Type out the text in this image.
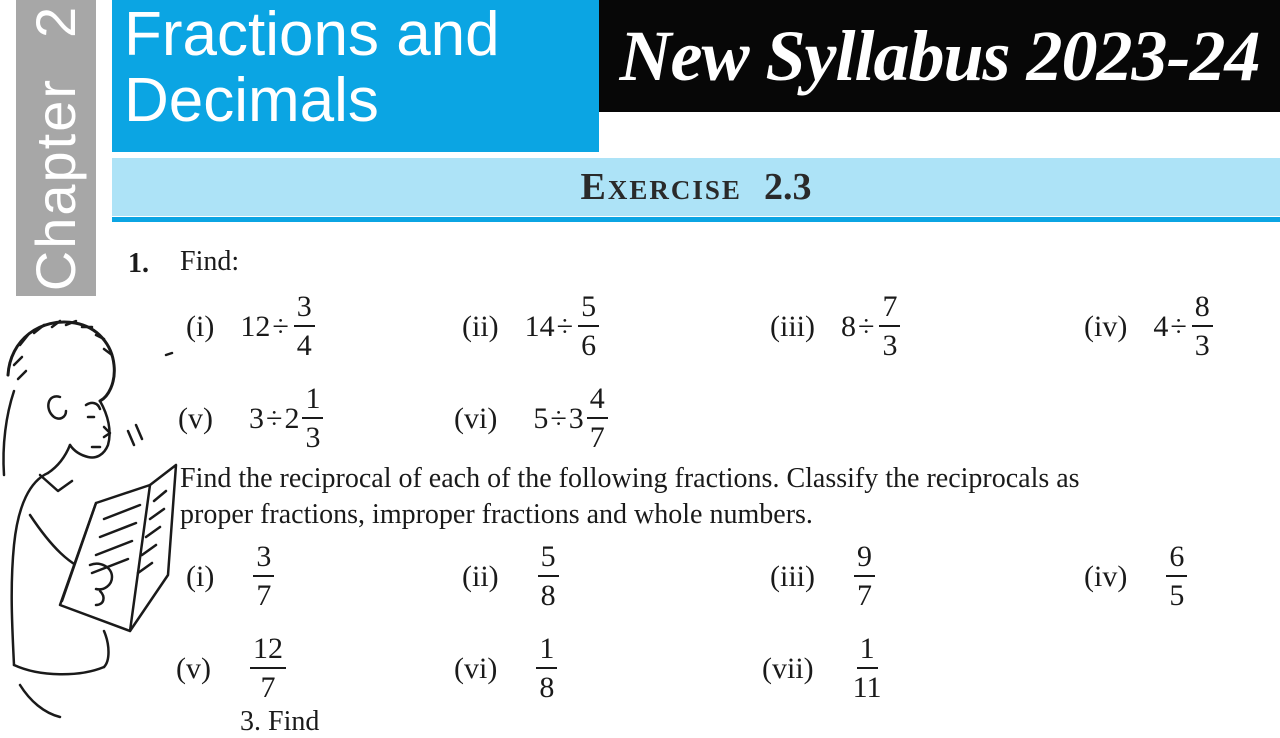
Chapter2 Fractions and
Decimals
New Syllabus 2023-24
Exercise 2.3
1. Find:
(i) $12 \div \frac{3}{4}$	(ii) $14 \div \frac{5}{6}$	(iii) $8 \div \frac{7}{3}$	(iv) $4 \div \frac{8}{3}$
(v) $3 \div 2 \frac{1}{3}$	(vi) $5 \div 3 \frac{4}{7}$
Find the reciprocal of each of the following fractions. Classify the reciprocals as
proper fractions, improper fractions and whole numbers.
$(i) \frac{3}{7}$	$(ii) \frac{5}{8}$	$(iii) \frac{9}{7}$	$(iv) \frac{6}{5}$
$(v) \frac{12}{7}$	$(vi) \frac{1}{8}$	$(vii) \frac{1}{11}$
3. Find
